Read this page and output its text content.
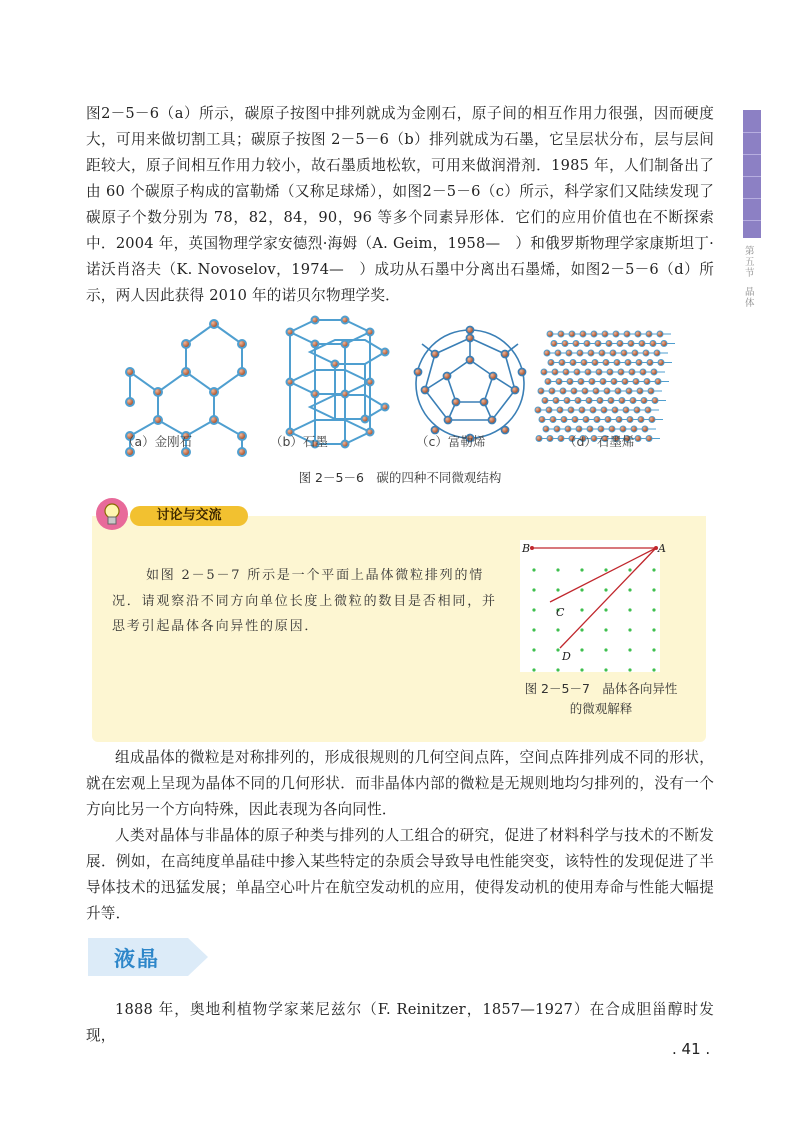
第
五
节
晶
体

图2－5－6（a）所示，碳原子按图中排列就成为金刚石，原子间的相互作用力很强，因而硬度大，可用来做切割工具；碳原子按图 2－5－6（b）排列就成为石墨，它呈层状分布，层与层间距较大，原子间相互作用力较小，故石墨质地松软，可用来做润滑剂．1985 年，人们制备出了由 60 个碳原子构成的富勒烯（又称足球烯），如图2－5－6（c）所示，科学家们又陆续发现了碳原子个数分别为 78，82，84，90，96 等多个同素异形体．它们的应用价值也在不断探索中．2004 年，英国物理学家安德烈·海姆（A. Geim，1958—　）和俄罗斯物理学家康斯坦丁·诺沃肖洛夫（K. Novoselov，1974—　）成功从石墨中分离出石墨烯，如图2－5－6（d）所示，两人因此获得 2010 年的诺贝尔物理学奖．

（a）金刚石	（b）石墨	（c）富勒烯	（d）石墨烯
图 2－5－6　碳的四种不同微观结构
讨论与交流

如图 2－5－7 所示是一个平面上晶体微粒排列的情况．请观察沿不同方向单位长度上微粒的数目是否相同，并思考引起晶体各向异性的原因．

B	A
C
D
图 2－5－7　晶体各向异性
的微观解释

组成晶体的微粒是对称排列的，形成很规则的几何空间点阵，空间点阵排列成不同的形状，就在宏观上呈现为晶体不同的几何形状．而非晶体内部的微粒是无规则地均匀排列的，没有一个方向比另一个方向特殊，因此表现为各向同性．

人类对晶体与非晶体的原子种类与排列的人工组合的研究，促进了材料科学与技术的不断发展．例如，在高纯度单晶硅中掺入某些特定的杂质会导致导电性能突变，该特性的发现促进了半导体技术的迅猛发展；单晶空心叶片在航空发动机的应用，使得发动机的使用寿命与性能大幅提升等．

液晶

1888 年，奥地利植物学家莱尼兹尔（F. Reinitzer，1857—1927）在合成胆甾醇时发现，

. 41 .
